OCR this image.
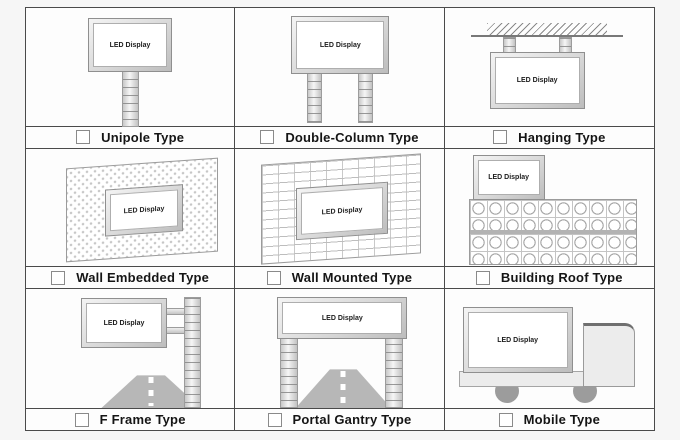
LED Display
Unipole Type
LED Display
Double-Column Type
LED Display
Hanging Type
LED Display
Wall Embedded Type
LED Display
Wall Mounted Type
LED Display
Building Roof Type
LED Display
F Frame Type
LED Display
Portal Gantry Type
LED Display
Mobile Type
